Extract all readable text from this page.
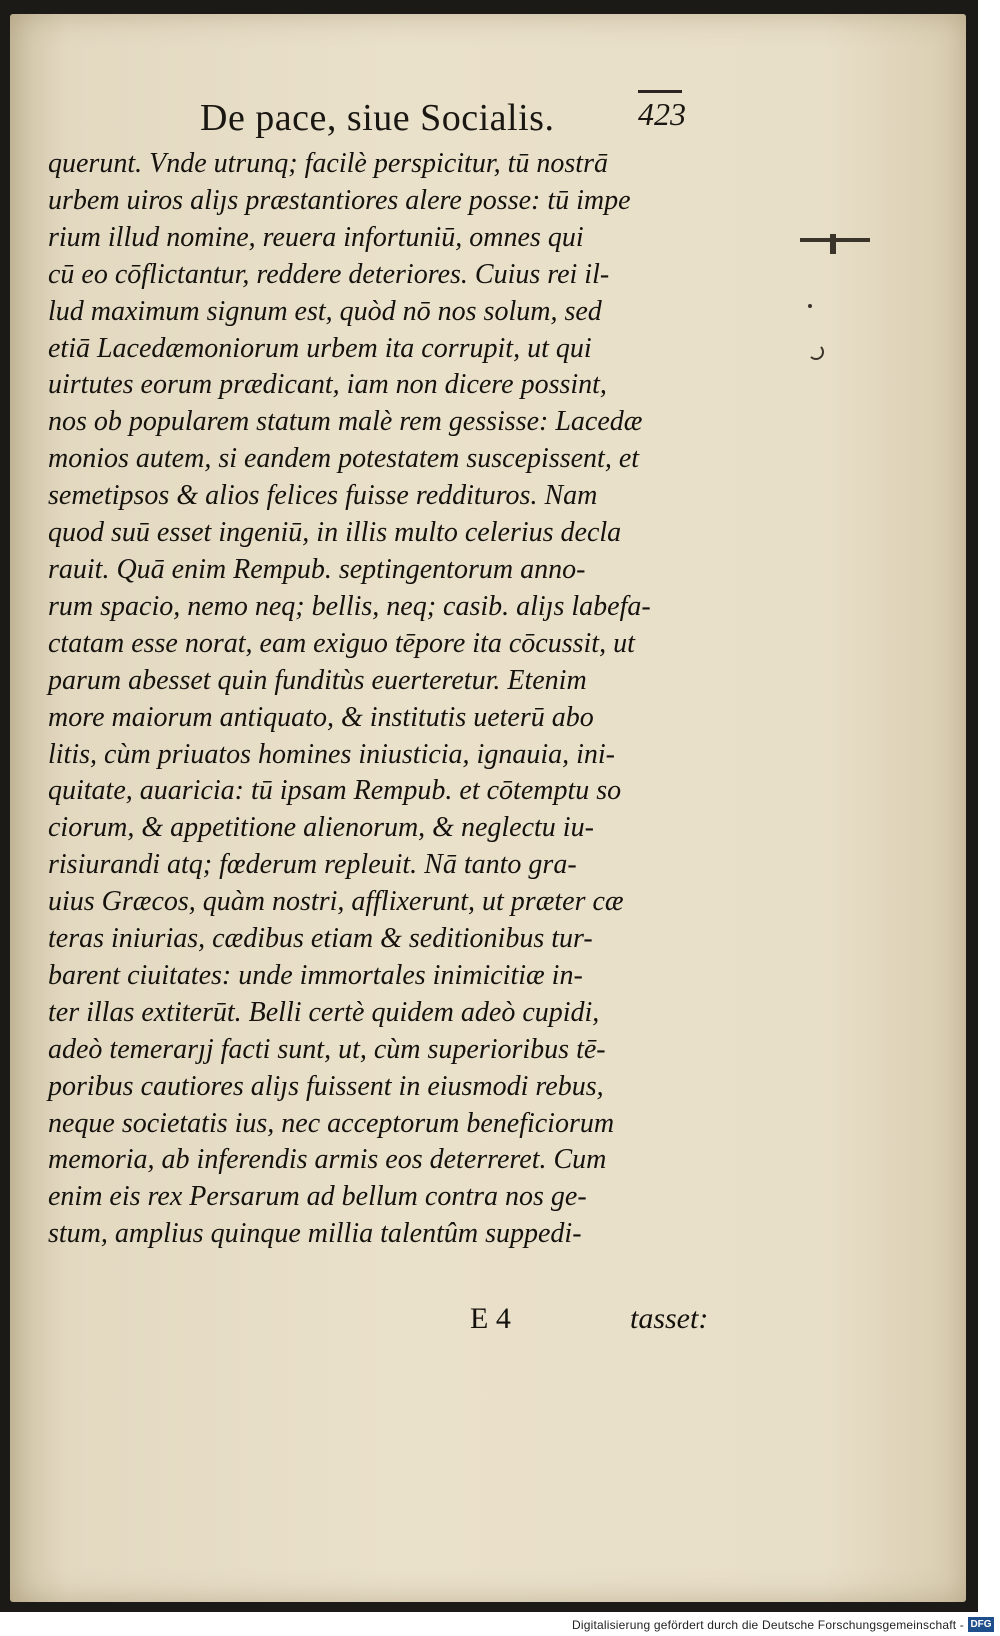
De pace, siue Socialis.	423
querunt. Vnde utrunq; facilè perspicitur, tū nostrā
urbem uiros aliȷs præstantiores alere posse: tū impe
rium illud nomine, reuera infortuniū, omnes qui
cū eo cōflictantur, reddere deteriores. Cuius rei il-
lud maximum signum est, quòd nō nos solum, sed
etiā Lacedæmoniorum urbem ita corrupit, ut qui
uirtutes eorum prædicant, iam non dicere possint,
nos ob popularem statum malè rem gessisse: Lacedæ
monios autem, si eandem potestatem suscepissent, et
semetipsos & alios felices fuisse reddituros. Nam
quod suū esset ingeniū, in illis multo celerius decla
rauit. Quā enim Rempub. septingentorum anno-
rum spacio, nemo neq; bellis, neq; casib. aliȷs labefa-
ctatam esse norat, eam exiguo tēpore ita cōcussit, ut
parum abesset quin funditùs euerteretur. Etenim
more maiorum antiquato, & institutis ueterū abo
litis, cùm priuatos homines iniusticia, ignauia, ini-
quitate, auaricia: tū ipsam Rempub. et cōtemptu so
ciorum, & appetitione alienorum, & neglectu iu-
risiurandi atq; fœderum repleuit. Nā tanto gra-
uius Græcos, quàm nostri, afflixerunt, ut præter cæ
teras iniurias, cædibus etiam & seditionibus tur-
barent ciuitates: unde immortales inimicitiæ in-
ter illas extiterūt. Belli certè quidem adeò cupidi,
adeò temerarȷj facti sunt, ut, cùm superioribus tē-
poribus cautiores aliȷs fuissent in eiusmodi rebus,
neque societatis ius, nec acceptorum beneficiorum
memoria, ab inferendis armis eos deterreret. Cum
enim eis rex Persarum ad bellum contra nos ge-
stum, amplius quinque millia talentûm suppedi-
E 4	tasset:
Digitalisierung gefördert durch die Deutsche Forschungsgemeinschaft - DFG
